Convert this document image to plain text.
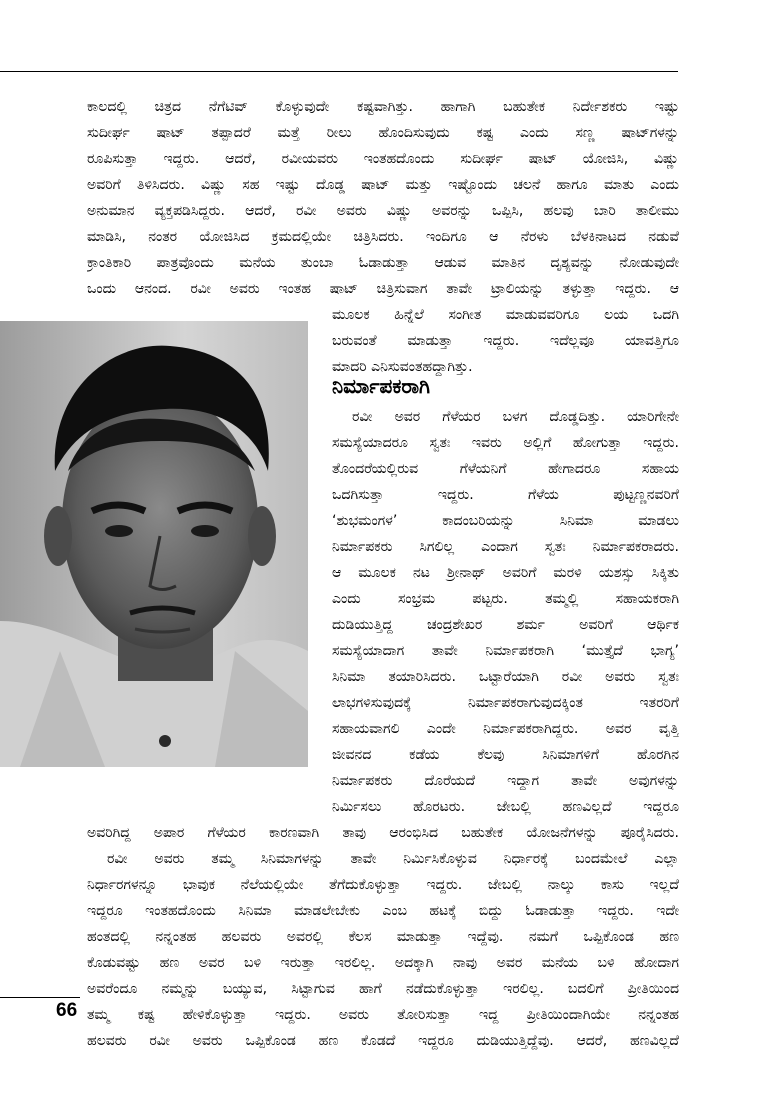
ಕಾಲದಲ್ಲಿ ಚಿತ್ರದ ನೆಗೆಟಿವ್ ಕೊಳ್ಳುವುದೇ ಕಷ್ಟವಾಗಿತ್ತು. ಹಾಗಾಗಿ ಬಹುತೇಕ ನಿರ್ದೇಶಕರು ಇಷ್ಟು

ಸುದೀರ್ಘ ಷಾಟ್ ತಪ್ಪಾದರೆ ಮತ್ತೆ ರೀಲು ಹೊಂದಿಸುವುದು ಕಷ್ಟ ಎಂದು ಸಣ್ಣ ಷಾಟ್‌ಗಳನ್ನು

ರೂಪಿಸುತ್ತಾ ಇದ್ದರು. ಆದರೆ, ರವೀಯವರು ಇಂತಹದೊಂದು ಸುದೀರ್ಘ ಷಾಟ್ ಯೋಜಿಸಿ, ವಿಷ್ಣು

ಅವರಿಗೆ ತಿಳಿಸಿದರು. ವಿಷ್ಣು ಸಹ ಇಷ್ಟು ದೊಡ್ಡ ಷಾಟ್ ಮತ್ತು ಇಷ್ಟೊಂದು ಚಲನೆ ಹಾಗೂ ಮಾತು ಎಂದು

ಅನುಮಾನ ವ್ಯಕ್ತಪಡಿಸಿದ್ದರು. ಆದರೆ, ರವೀ ಅವರು ವಿಷ್ಣು ಅವರನ್ನು ಒಪ್ಪಿಸಿ, ಹಲವು ಬಾರಿ ತಾಲೀಮು

ಮಾಡಿಸಿ, ನಂತರ ಯೋಜಿಸಿದ ಕ್ರಮದಲ್ಲಿಯೇ ಚಿತ್ರಿಸಿದರು. ಇಂದಿಗೂ ಆ ನೆರಳು ಬೆಳಕಿನಾಟದ ನಡುವೆ

ಕ್ರಾಂತಿಕಾರಿ ಪಾತ್ರವೊಂದು ಮನೆಯ ತುಂಬಾ ಓಡಾಡುತ್ತಾ ಆಡುವ ಮಾತಿನ ದೃಶ್ಯವನ್ನು ನೋಡುವುದೇ

ಒಂದು ಆನಂದ. ರವೀ ಅವರು ಇಂತಹ ಷಾಟ್ ಚಿತ್ರಿಸುವಾಗ ತಾವೇ ಟ್ರಾಲಿಯನ್ನು ತಳ್ಳುತ್ತಾ ಇದ್ದರು. ಆ

ಮೂಲಕ ಹಿನ್ನೆಲೆ ಸಂಗೀತ ಮಾಡುವವರಿಗೂ ಲಯ ಒದಗಿ

ಬರುವಂತೆ ಮಾಡುತ್ತಾ ಇದ್ದರು. ಇದೆಲ್ಲವೂ ಯಾವತ್ತಿಗೂ

ಮಾದರಿ ಎನಿಸುವಂತಹದ್ದಾಗಿತ್ತು.

ನಿರ್ಮಾಪಕರಾಗಿ

ರವೀ ಅವರ ಗೆಳೆಯರ ಬಳಗ ದೊಡ್ಡದಿತ್ತು. ಯಾರಿಗೇನೇ

ಸಮಸ್ಯೆಯಾದರೂ ಸ್ವತಃ ಇವರು ಅಲ್ಲಿಗೆ ಹೋಗುತ್ತಾ ಇದ್ದರು.

ತೊಂದರೆಯಲ್ಲಿರುವ ಗೆಳೆಯನಿಗೆ ಹೇಗಾದರೂ ಸಹಾಯ

ಒದಗಿಸುತ್ತಾ ಇದ್ದರು. ಗೆಳೆಯ ಪುಟ್ಟಣ್ಣನವರಿಗೆ

‘ಶುಭಮಂಗಳ’ ಕಾದಂಬರಿಯನ್ನು ಸಿನಿಮಾ ಮಾಡಲು

ನಿರ್ಮಾಪಕರು ಸಿಗಲಿಲ್ಲ ಎಂದಾಗ ಸ್ವತಃ ನಿರ್ಮಾಪಕರಾದರು.

ಆ ಮೂಲಕ ನಟ ಶ್ರೀನಾಥ್ ಅವರಿಗೆ ಮರಳಿ ಯಶಸ್ಸು ಸಿಕ್ಕಿತು

ಎಂದು ಸಂಭ್ರಮ ಪಟ್ಟರು. ತಮ್ಮಲ್ಲಿ ಸಹಾಯಕರಾಗಿ

ದುಡಿಯುತ್ತಿದ್ದ ಚಂದ್ರಶೇಖರ ಶರ್ಮ ಅವರಿಗೆ ಆರ್ಥಿಕ

ಸಮಸ್ಯೆಯಾದಾಗ ತಾವೇ ನಿರ್ಮಾಪಕರಾಗಿ ‘ಮುತ್ತೈದೆ ಭಾಗ್ಯ’

ಸಿನಿಮಾ ತಯಾರಿಸಿದರು. ಒಟ್ಟಾರೆಯಾಗಿ ರವೀ ಅವರು ಸ್ವತಃ

ಲಾಭಗಳಿಸುವುದಕ್ಕೆ ನಿರ್ಮಾಪಕರಾಗುವುದಕ್ಕಿಂತ ಇತರರಿಗೆ

ಸಹಾಯವಾಗಲಿ ಎಂದೇ ನಿರ್ಮಾಪಕರಾಗಿದ್ದರು. ಅವರ ವೃತ್ತಿ

ಜೀವನದ ಕಡೆಯ ಕೆಲವು ಸಿನಿಮಾಗಳಿಗೆ ಹೊರಗಿನ

ನಿರ್ಮಾಪಕರು ದೊರೆಯದೆ ಇದ್ದಾಗ ತಾವೇ ಅವುಗಳನ್ನು

ನಿರ್ಮಿಸಲು ಹೊರಟರು. ಜೇಬಲ್ಲಿ ಹಣವಿಲ್ಲದೆ ಇದ್ದರೂ

ಅವರಿಗಿದ್ದ ಅಪಾರ ಗೆಳೆಯರ ಕಾರಣವಾಗಿ ತಾವು ಆರಂಭಿಸಿದ ಬಹುತೇಕ ಯೋಜನೆಗಳನ್ನು ಪೂರೈಸಿದರು.

ರವೀ ಅವರು ತಮ್ಮ ಸಿನಿಮಾಗಳನ್ನು ತಾವೇ ನಿರ್ಮಿಸಿಕೊಳ್ಳುವ ನಿರ್ಧಾರಕ್ಕೆ ಬಂದಮೇಲೆ ಎಲ್ಲಾ

ನಿರ್ಧಾರಗಳನ್ನೂ ಭಾವುಕ ನೆಲೆಯಲ್ಲಿಯೇ ತೆಗೆದುಕೊಳ್ಳುತ್ತಾ ಇದ್ದರು. ಜೇಬಲ್ಲಿ ನಾಲ್ಕು ಕಾಸು ಇಲ್ಲದೆ

ಇದ್ದರೂ ಇಂತಹದೊಂದು ಸಿನಿಮಾ ಮಾಡಲೇಬೇಕು ಎಂಬ ಹಟಕ್ಕೆ ಬಿದ್ದು ಓಡಾಡುತ್ತಾ ಇದ್ದರು. ಇದೇ

ಹಂತದಲ್ಲಿ ನನ್ನಂತಹ ಹಲವರು ಅವರಲ್ಲಿ ಕೆಲಸ ಮಾಡುತ್ತಾ ಇದ್ದೆವು. ನಮಗೆ ಒಪ್ಪಿಕೊಂಡ ಹಣ

ಕೊಡುವಷ್ಟು ಹಣ ಅವರ ಬಳಿ ಇರುತ್ತಾ ಇರಲಿಲ್ಲ. ಅದಕ್ಕಾಗಿ ನಾವು ಅವರ ಮನೆಯ ಬಳಿ ಹೋದಾಗ

ಅವರೆಂದೂ ನಮ್ಮನ್ನು ಬಯ್ಯುವ, ಸಿಟ್ಟಾಗುವ ಹಾಗೆ ನಡೆದುಕೊಳ್ಳುತ್ತಾ ಇರಲಿಲ್ಲ. ಬದಲಿಗೆ ಪ್ರೀತಿಯಿಂದ

ತಮ್ಮ ಕಷ್ಟ ಹೇಳಿಕೊಳ್ಳುತ್ತಾ ಇದ್ದರು. ಅವರು ತೋರಿಸುತ್ತಾ ಇದ್ದ ಪ್ರೀತಿಯಿಂದಾಗಿಯೇ ನನ್ನಂತಹ

ಹಲವರು ರವೀ ಅವರು ಒಪ್ಪಿಕೊಂಡ ಹಣ ಕೊಡದೆ ಇದ್ದರೂ ದುಡಿಯುತ್ತಿದ್ದೆವು. ಆದರೆ, ಹಣವಿಲ್ಲದೆ

66
